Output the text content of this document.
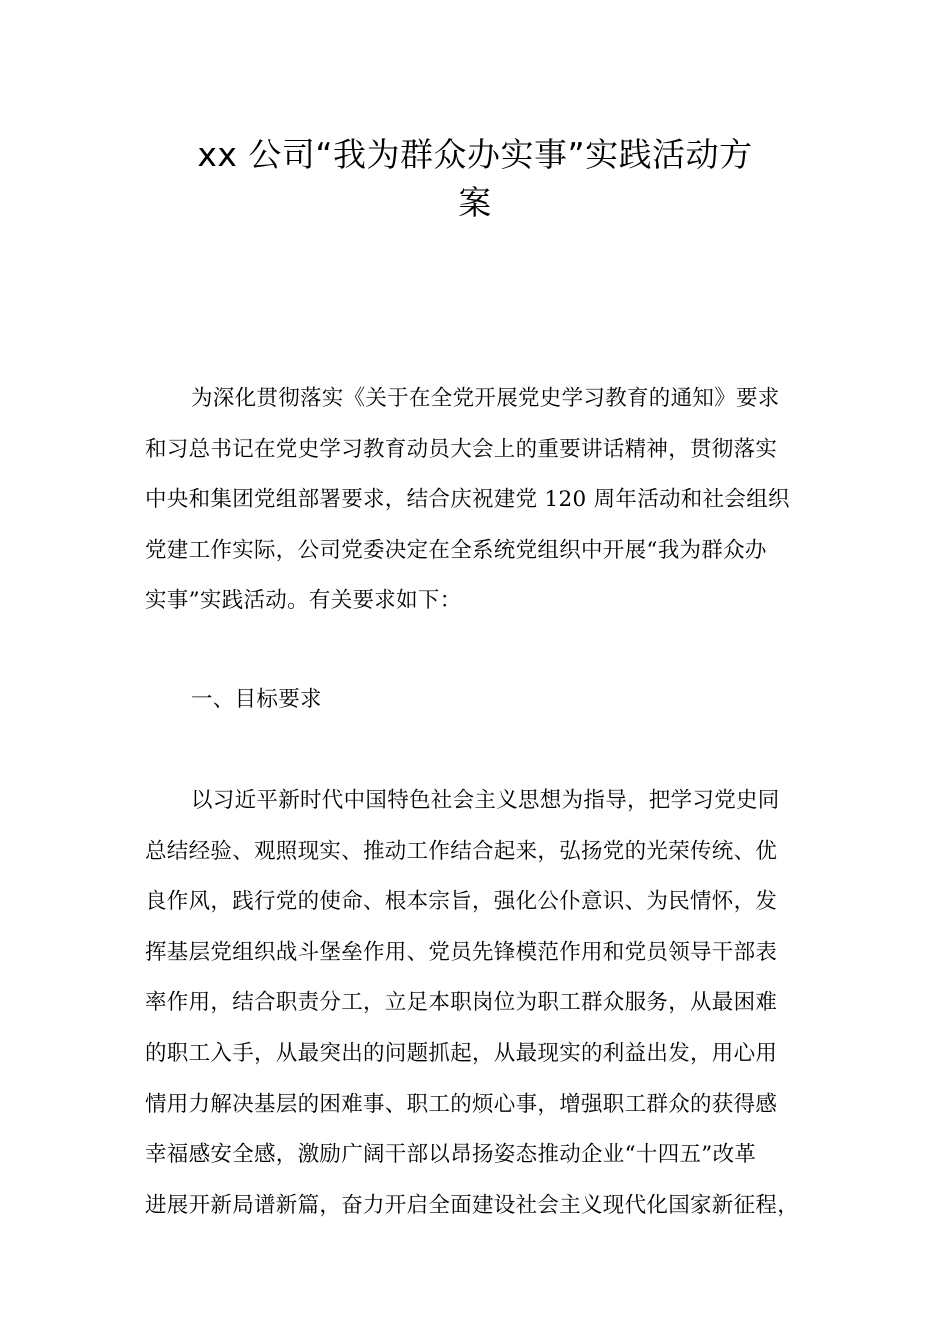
xx 公司“我为群众办实事”实践活动方
案
为深化贯彻落实《关于在全党开展党史学习教育的通知》要求
和习总书记在党史学习教育动员大会上的重要讲话精神，贯彻落实
中央和集团党组部署要求，结合庆祝建党 120 周年活动和社会组织
党建工作实际，公司党委决定在全系统党组织中开展“我为群众办
实事”实践活动。有关要求如下：
一、目标要求
以习近平新时代中国特色社会主义思想为指导，把学习党史同
总结经验、观照现实、推动工作结合起来，弘扬党的光荣传统、优
良作风，践行党的使命、根本宗旨，强化公仆意识、为民情怀，发
挥基层党组织战斗堡垒作用、党员先锋模范作用和党员领导干部表
率作用，结合职责分工，立足本职岗位为职工群众服务，从最困难
的职工入手，从最突出的问题抓起，从最现实的利益出发，用心用
情用力解决基层的困难事、职工的烦心事，增强职工群众的获得感
幸福感安全感，激励广阔干部以昂扬姿态推动企业“十四五”改革
进展开新局谱新篇，奋力开启全面建设社会主义现代化国家新征程，
